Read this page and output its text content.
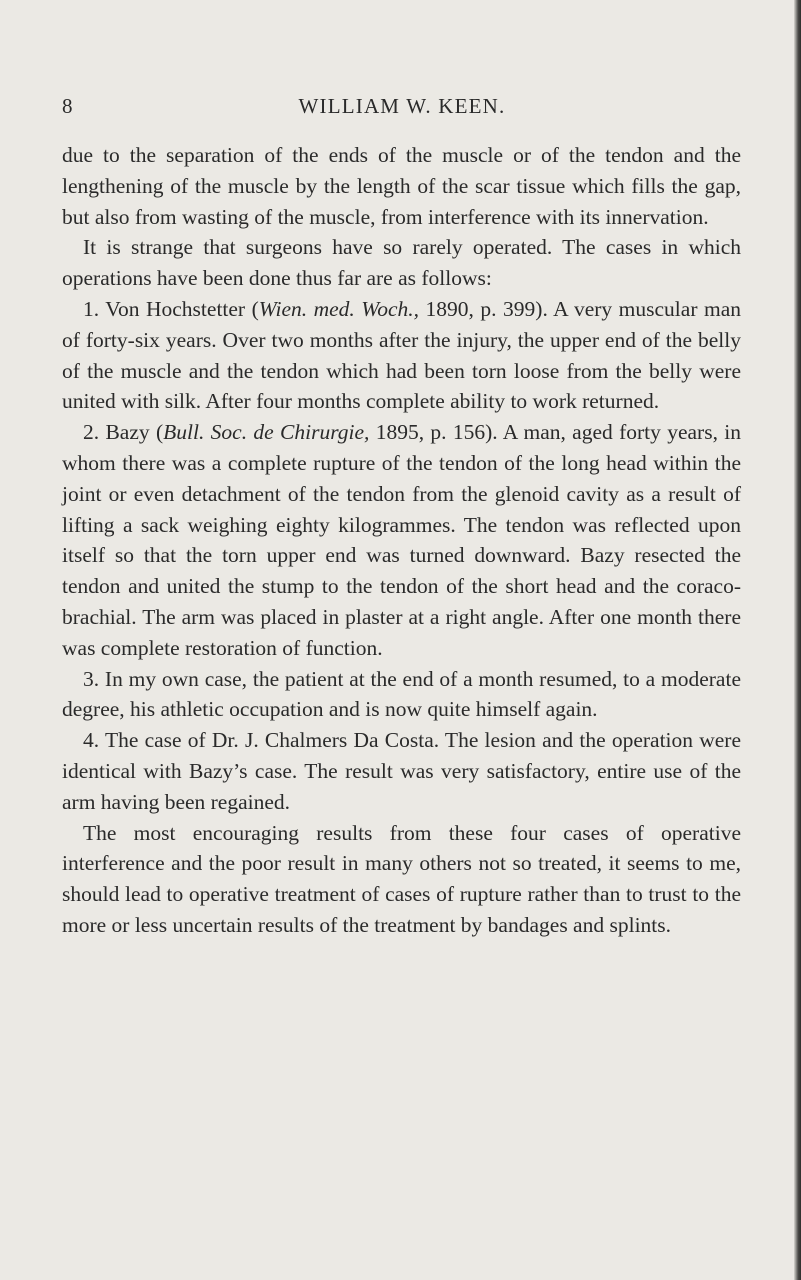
8	WILLIAM W. KEEN.

due to the separation of the ends of the muscle or of the tendon and the lengthening of the muscle by the length of the scar tissue which fills the gap, but also from wasting of the muscle, from interference with its innervation.

It is strange that surgeons have so rarely operated. The cases in which operations have been done thus far are as follows:

1. Von Hochstetter (Wien. med. Woch., 1890, p. 399). A very muscular man of forty-six years. Over two months after the injury, the upper end of the belly of the muscle and the tendon which had been torn loose from the belly were united with silk. After four months complete ability to work returned.

2. Bazy (Bull. Soc. de Chirurgie, 1895, p. 156). A man, aged forty years, in whom there was a complete rupture of the tendon of the long head within the joint or even detachment of the tendon from the glenoid cavity as a result of lifting a sack weighing eighty kilogrammes. The tendon was reflected upon itself so that the torn upper end was turned downward. Bazy resected the tendon and united the stump to the tendon of the short head and the coraco-brachial. The arm was placed in plaster at a right angle. After one month there was complete restoration of function.

3. In my own case, the patient at the end of a month resumed, to a moderate degree, his athletic occupation and is now quite himself again.

4. The case of Dr. J. Chalmers Da Costa. The lesion and the operation were identical with Bazy’s case. The result was very satisfactory, entire use of the arm having been regained.

The most encouraging results from these four cases of operative interference and the poor result in many others not so treated, it seems to me, should lead to operative treatment of cases of rupture rather than to trust to the more or less uncertain results of the treatment by bandages and splints.
